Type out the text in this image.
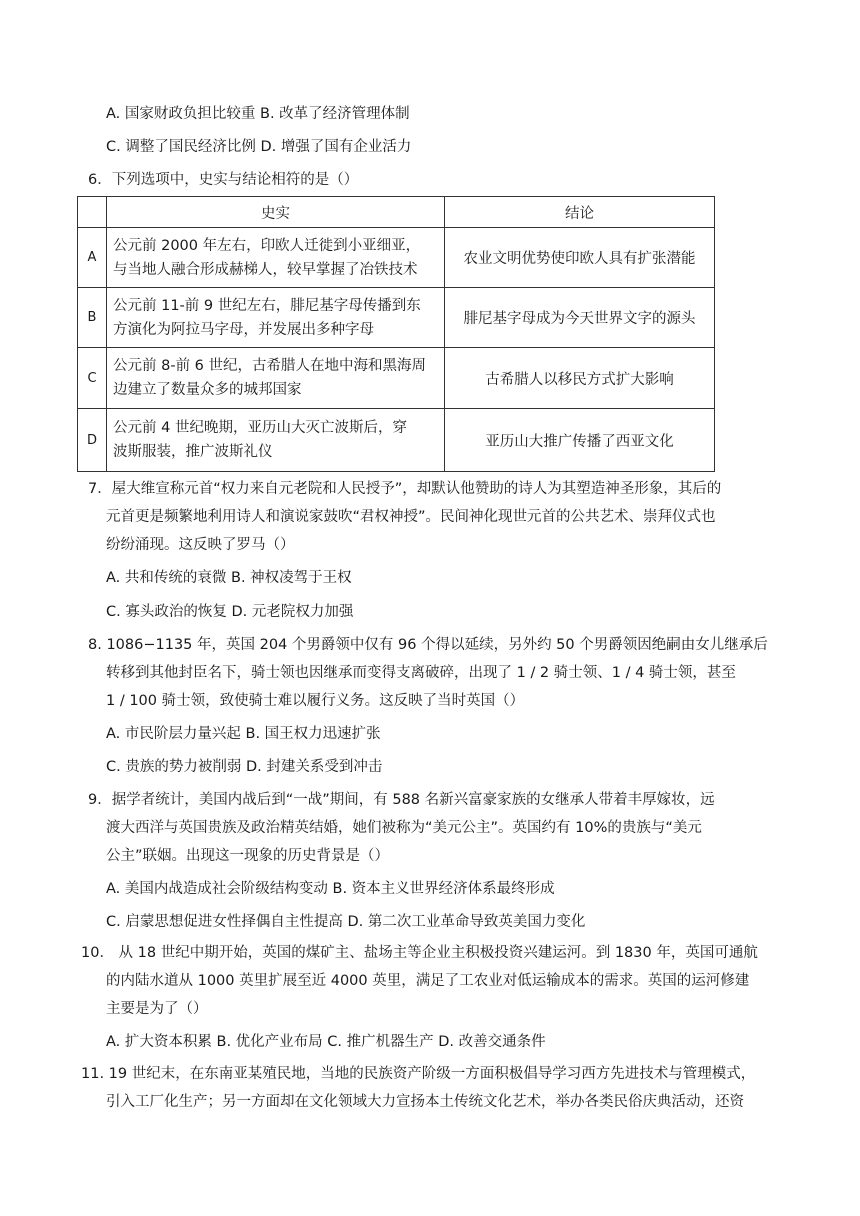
A. 国家财政负担比较重 B. 改革了经济管理体制
C. 调整了国民经济比例 D. 增强了国有企业活力
6．下列选项中，史实与结论相符的是（）
	史实	结论
A	公元前 2000 年左右，印欧人迁徙到小亚细亚，
与当地人融合形成赫梯人，较早掌握了冶铁技术	农业文明优势使印欧人具有扩张潜能
B	公元前 11-前 9 世纪左右，腓尼基字母传播到东
方演化为阿拉马字母，并发展出多种字母	腓尼基字母成为今天世界文字的源头
C	公元前 8-前 6 世纪，古希腊人在地中海和黑海周
边建立了数量众多的城邦国家	古希腊人以移民方式扩大影响
D	公元前 4 世纪晚期，亚历山大灭亡波斯后，穿
波斯服装，推广波斯礼仪	亚历山大推广传播了西亚文化
7．屋大维宣称元首“权力来自元老院和人民授予”，却默认他赞助的诗人为其塑造神圣形象，其后的
元首更是频繁地利用诗人和演说家鼓吹“君权神授”。民间神化现世元首的公共艺术、崇拜仪式也
纷纷涌现。这反映了罗马（）
A. 共和传统的衰微 B. 神权凌驾于王权
C. 寡头政治的恢复 D. 元老院权力加强
8. 1086−1135 年，英国 204 个男爵领中仅有 96 个得以延续，另外约 50 个男爵领因绝嗣由女儿继承后
转移到其他封臣名下，骑士领也因继承而变得支离破碎，出现了 1 / 2 骑士领、1 / 4 骑士领，甚至
1 / 100 骑士领，致使骑士难以履行义务。这反映了当时英国（）
A. 市民阶层力量兴起 B. 国王权力迅速扩张
C. 贵族的势力被削弱 D. 封建关系受到冲击
9．据学者统计，美国内战后到“一战”期间，有 588 名新兴富豪家族的女继承人带着丰厚嫁妆，远
渡大西洋与英国贵族及政治精英结婚，她们被称为“美元公主”。英国约有 10%的贵族与“美元
公主”联姻。出现这一现象的历史背景是（）
A. 美国内战造成社会阶级结构变动 B. 资本主义世界经济体系最终形成
C. 启蒙思想促进女性择偶自主性提高 D. 第二次工业革命导致英美国力变化
10． 从 18 世纪中期开始，英国的煤矿主、盐场主等企业主积极投资兴建运河。到 1830 年，英国可通航
的内陆水道从 1000 英里扩展至近 4000 英里，满足了工农业对低运输成本的需求。英国的运河修建
主要是为了（）
A. 扩大资本积累 B. 优化产业布局 C. 推广机器生产 D. 改善交通条件
11. 19 世纪末，在东南亚某殖民地，当地的民族资产阶级一方面积极倡导学习西方先进技术与管理模式，
引入工厂化生产；另一方面却在文化领域大力宣扬本土传统文化艺术，举办各类民俗庆典活动，还资
